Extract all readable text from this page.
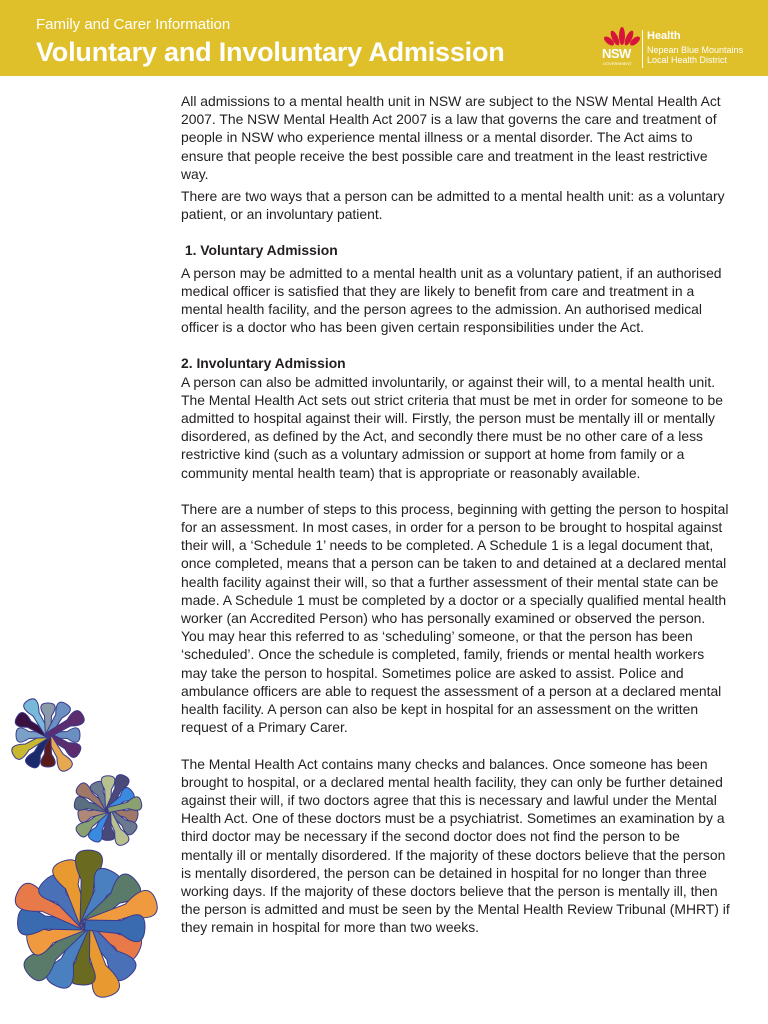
Family and Carer Information
Voluntary and Involuntary Admission	NSW
GOVERNMENT
Health
Nepean Blue Mountains
Local Health District

All admissions to a mental health unit in NSW are subject to the NSW Mental Health Act 2007. The NSW Mental Health Act 2007 is a law that governs the care and treatment of people in NSW who experience mental illness or a mental disorder. The Act aims to ensure that people receive the best possible care and treatment in the least restrictive way.

There are two ways that a person can be admitted to a mental health unit: as a voluntary patient, or an involuntary patient.

1. Voluntary Admission

A person may be admitted to a mental health unit as a voluntary patient, if an authorised medical officer is satisfied that they are likely to benefit from care and treatment in a mental health facility, and the person agrees to the admission. An authorised medical officer is a doctor who has been given certain responsibilities under the Act.

2. Involuntary Admission

A person can also be admitted involuntarily, or against their will, to a mental health unit. The Mental Health Act sets out strict criteria that must be met in order for someone to be admitted to hospital against their will. Firstly, the person must be mentally ill or mentally disordered, as defined by the Act, and secondly there must be no other care of a less restrictive kind (such as a voluntary admission or support at home from family or a community mental health team) that is appropriate or reasonably available.

There are a number of steps to this process, beginning with getting the person to hospital for an assessment. In most cases, in order for a person to be brought to hospital against their will, a ‘Schedule 1’ needs to be completed. A Schedule 1 is a legal document that, once completed, means that a person can be taken to and detained at a declared mental health facility against their will, so that a further assessment of their mental state can be made. A Schedule 1 must be completed by a doctor or a specially qualified mental health worker (an Accredited Person) who has personally examined or observed the person. You may hear this referred to as ‘scheduling’ someone, or that the person has been ‘scheduled’. Once the schedule is completed, family, friends or mental health workers may take the person to hospital. Sometimes police are asked to assist. Police and ambulance officers are able to request the assessment of a person at a declared mental health facility. A person can also be kept in hospital for an assessment on the written request of a Primary Carer.

The Mental Health Act contains many checks and balances. Once someone has been brought to hospital, or a declared mental health facility, they can only be further detained against their will, if two doctors agree that this is necessary and lawful under the Mental Health Act. One of these doctors must be a psychiatrist. Sometimes an examination by a third doctor may be necessary if the second doctor does not find the person to be mentally ill or mentally disordered. If the majority of these doctors believe that the person is mentally disordered, the person can be detained in hospital for no longer than three working days. If the majority of these doctors believe that the person is mentally ill, then the person is admitted and must be seen by the Mental Health Review Tribunal (MHRT) if they remain in hospital for more than two weeks.
